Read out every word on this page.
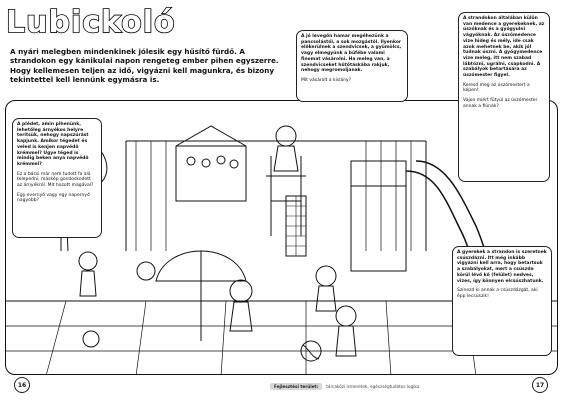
Lubickoló
A nyári melegben mindenkinek jólesik egy hűsítő fürdő. A strandokon egy kánikulai napon rengeteg ember pihen egyszerre. Hogy kellemesen teljen az idő, vigyázni kell magunkra, és bizony tekintettel kell lennünk egymásra is.

A jó levegőn hamar megéhezünk a pancsolástól, a sok mozgástól. Ilyenkor előkerülnek a szendvicsek, a gyümölcs, vagy elmegyünk a büfébe valami finomat vásárolni. Ha meleg van, a szendvicseket hűtőtáskába rakjuk, nehogy megromoljanak.

Mit vásárolt a kislány?

A strandokon általában külön van medence a gyerekeknek, az úszóknak és a gyógyulni vágyóknak. Az úszómedence vize hideg és mély, ide csak azok mehetnek be, akik jól tudnak úszni. A gyógymedence vize meleg, itt nem szabad lábtózni, ugrálni, csapkodni. A szabályok betartására az úszómester figyel.

Keresd meg az úszómestert a képen!

Vajon miért fütyül az úszómester annak a fiúnak?

A plédet, amin pihenünk, lehetőleg árnyékos helyre terítsük, nehogy napszúrást kapjunk. Amikor tégedet és veled is kenjen napvédő krémmel? Ugye téged is mindig beken anya napvédő krémmel?

Ez a bácsi már nem tudott fa alá telepedni, máskép gondoskodott az árnyékról. Mit hozott magával?

Egy evernyő vagy egy napernyő nagyobb?

A gyerekek a strandon is szeretnek csúszdázni. Itt még inkább vigyázni kell arra, hogy betartsuk a szabályokat, mert a csúszda körül lévő kő (felület) nedves, vizes, így könnyen elcsúszhatunk.

Színezd ki annak a csúszdázgát, aki épp lecsúszik!

16	17
Fejlesztési terület:	tárcaközi ismeretek, egészségtudatos logika
